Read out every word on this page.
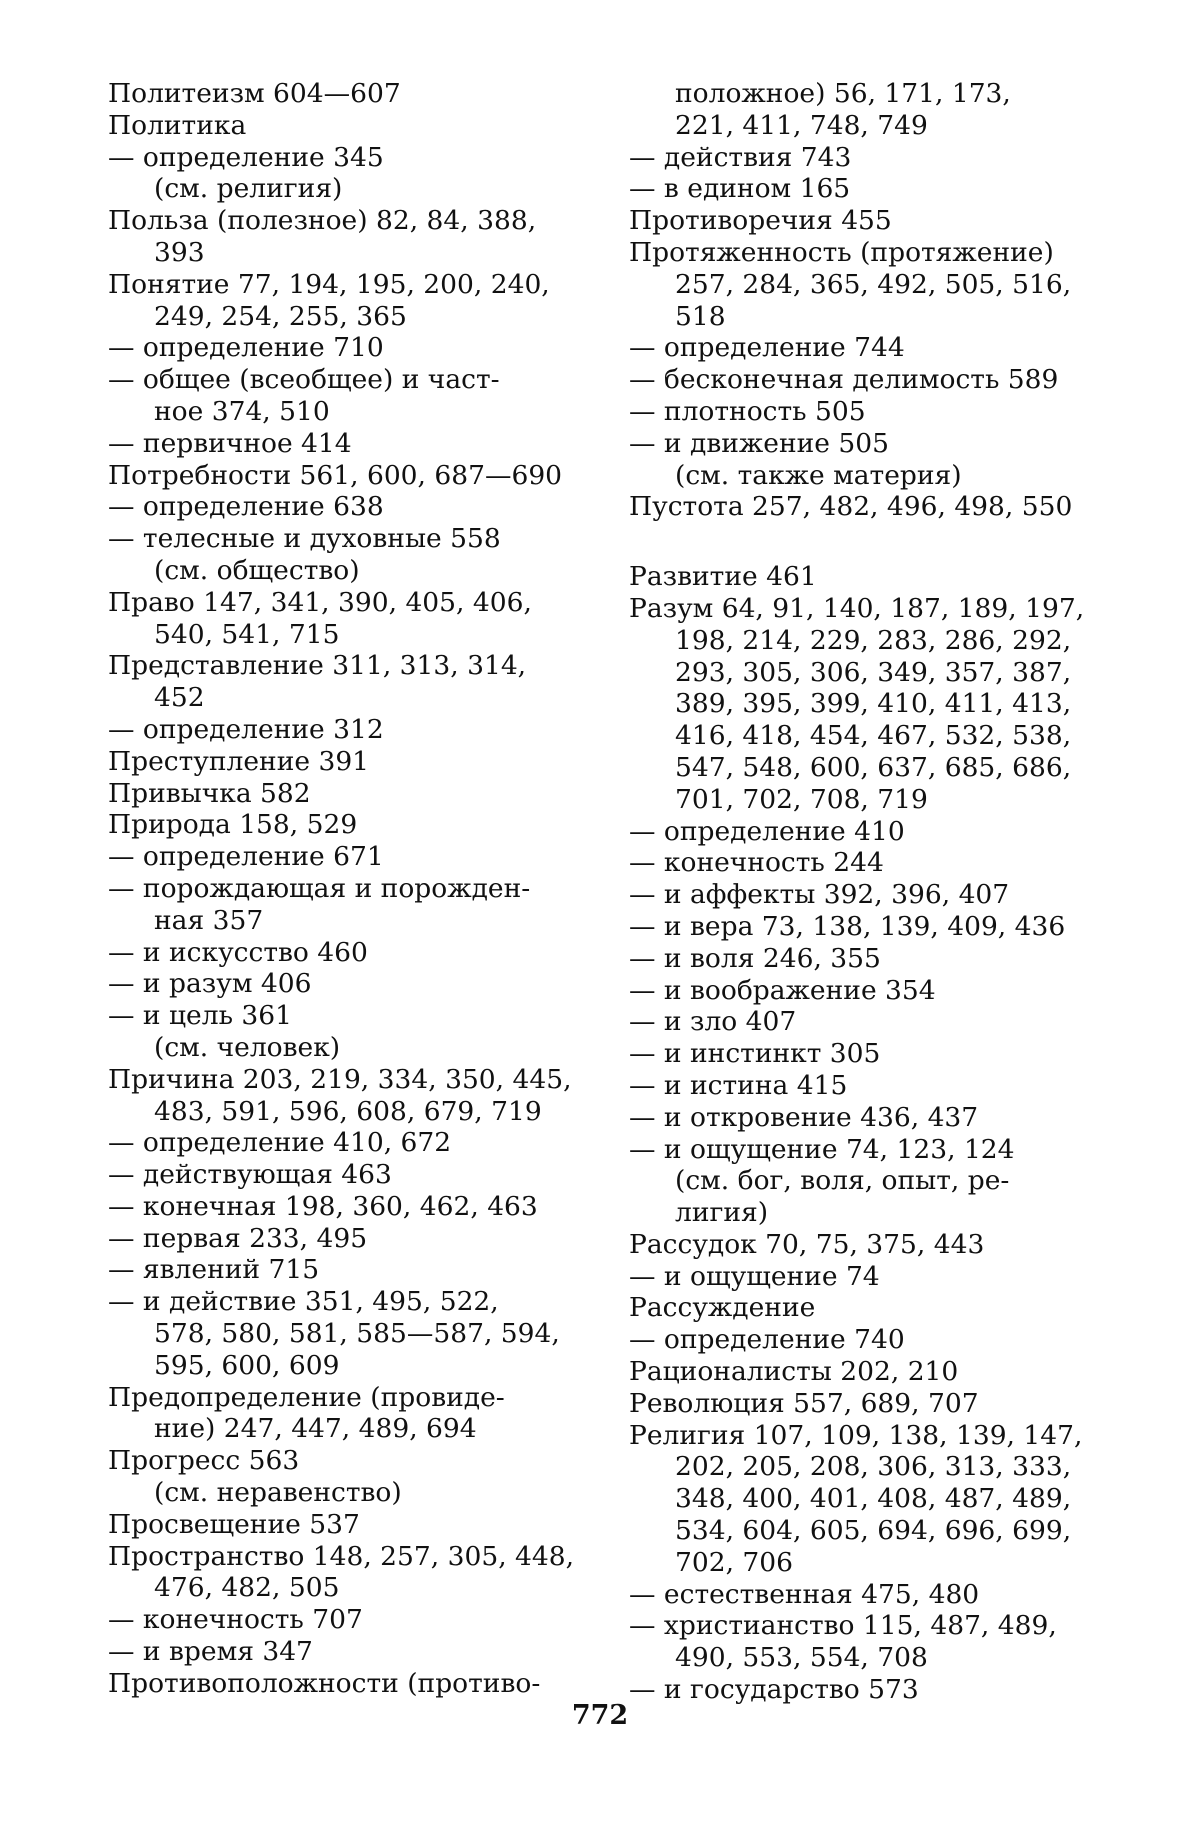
Политеизм 604—607
Политика
— определение 345
(см. религия)
Польза (полезное) 82, 84, 388,
393
Понятие 77, 194, 195, 200, 240,
249, 254, 255, 365
— определение 710
— общее (всеобщее) и част-
ное 374, 510
— первичное 414
Потребности 561, 600, 687—690
— определение 638
— телесные и духовные 558
(см. общество)
Право 147, 341, 390, 405, 406,
540, 541, 715
Представление 311, 313, 314,
452
— определение 312
Преступление 391
Привычка 582
Природа 158, 529
— определение 671
— порождающая и порожден-
ная 357
— и искусство 460
— и разум 406
— и цель 361
(см. человек)
Причина 203, 219, 334, 350, 445,
483, 591, 596, 608, 679, 719
— определение 410, 672
— действующая 463
— конечная 198, 360, 462, 463
— первая 233, 495
— явлений 715
— и действие 351, 495, 522,
578, 580, 581, 585—587, 594,
595, 600, 609
Предопределение (провиде-
ние) 247, 447, 489, 694
Прогресс 563
(см. неравенство)
Просвещение 537
Пространство 148, 257, 305, 448,
476, 482, 505
— конечность 707
— и время 347
Противоположности (противо-
положное) 56, 171, 173,
221, 411, 748, 749
— действия 743
— в едином 165
Противоречия 455
Протяженность (протяжение)
257, 284, 365, 492, 505, 516,
518
— определение 744
— бесконечная делимость 589
— плотность 505
— и движение 505
(см. также материя)
Пустота 257, 482, 496, 498, 550
Развитие 461
Разум 64, 91, 140, 187, 189, 197,
198, 214, 229, 283, 286, 292,
293, 305, 306, 349, 357, 387,
389, 395, 399, 410, 411, 413,
416, 418, 454, 467, 532, 538,
547, 548, 600, 637, 685, 686,
701, 702, 708, 719
— определение 410
— конечность 244
— и аффекты 392, 396, 407
— и вера 73, 138, 139, 409, 436
— и воля 246, 355
— и воображение 354
— и зло 407
— и инстинкт 305
— и истина 415
— и откровение 436, 437
— и ощущение 74, 123, 124
(см. бог, воля, опыт, ре-
лигия)
Рассудок 70, 75, 375, 443
— и ощущение 74
Рассуждение
— определение 740
Рационалисты 202, 210
Революция 557, 689, 707
Религия 107, 109, 138, 139, 147,
202, 205, 208, 306, 313, 333,
348, 400, 401, 408, 487, 489,
534, 604, 605, 694, 696, 699,
702, 706
— естественная 475, 480
— христианство 115, 487, 489,
490, 553, 554, 708
— и государство 573
772
